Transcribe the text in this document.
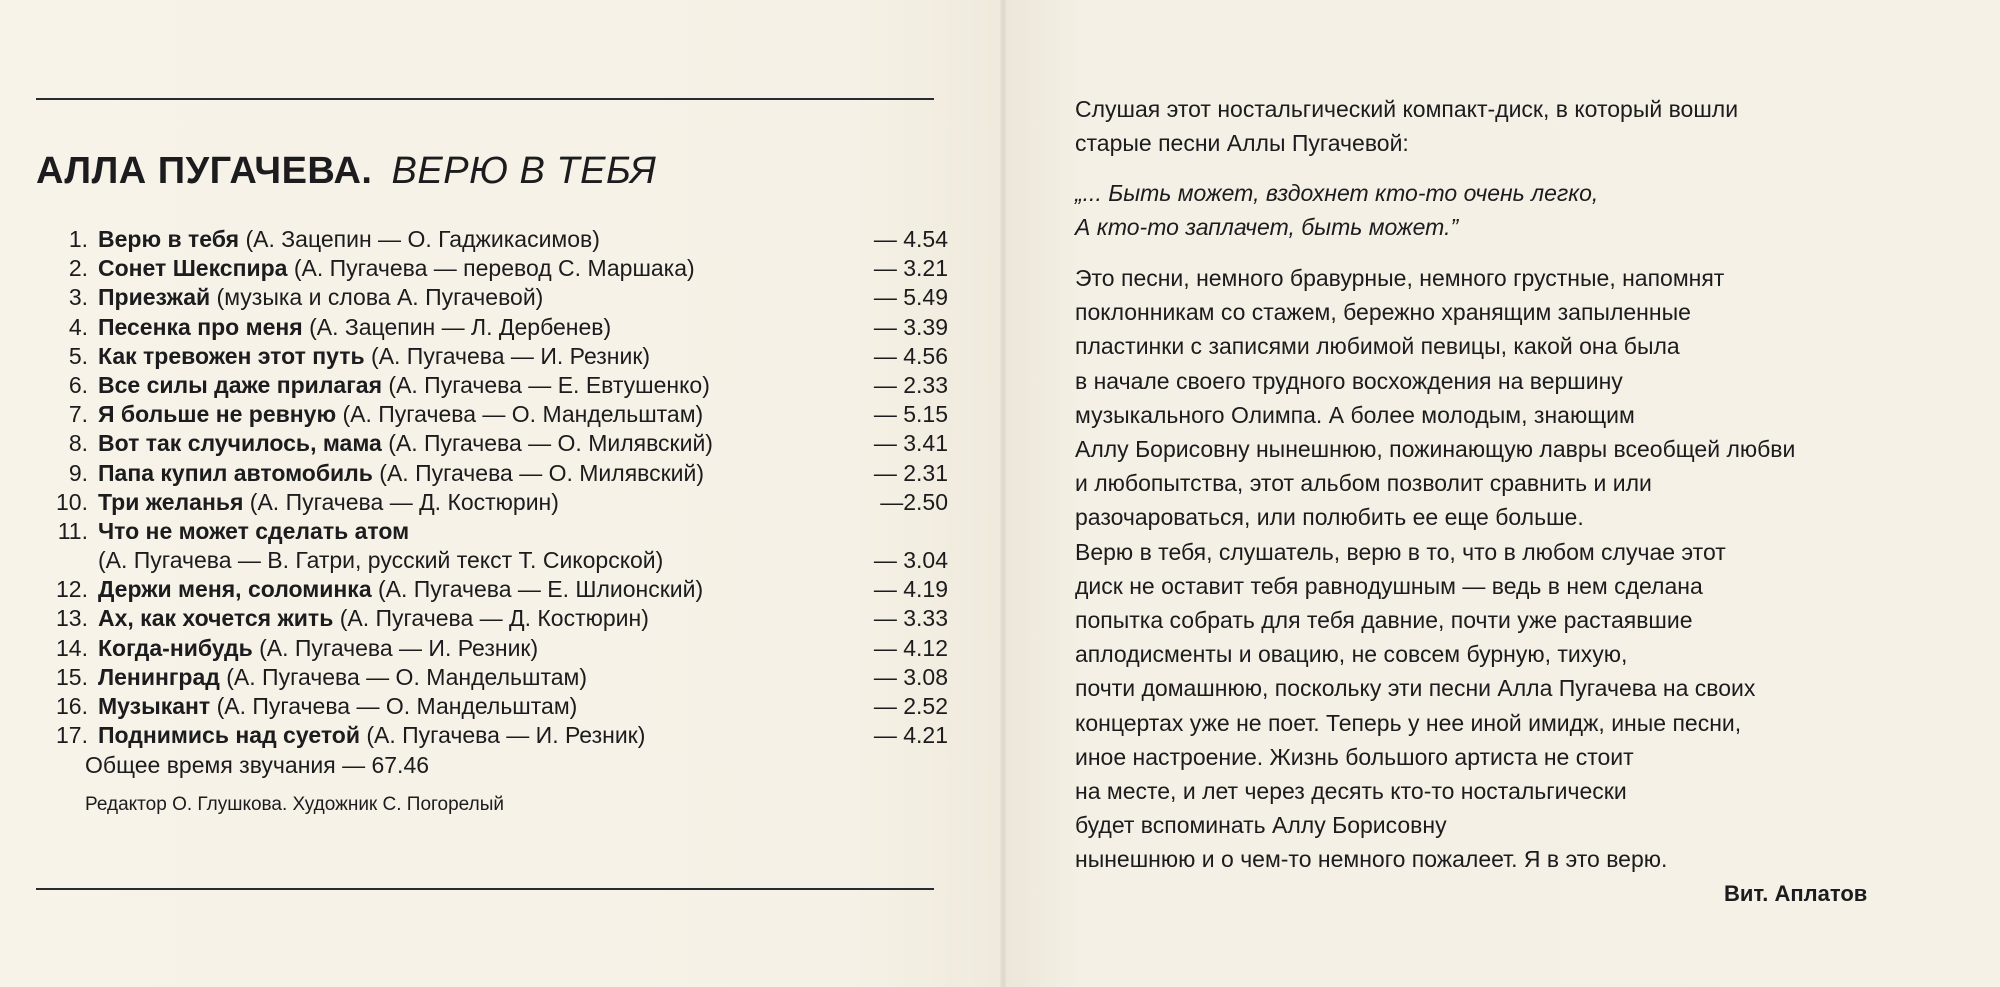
АЛЛА ПУГАЧЕВА. ВЕРЮ В ТЕБЯ
1. Верю в тебя (А. Зацепин — О. Гаджикасимов)	— 4.54
2. Сонет Шекспира (А. Пугачева — перевод С. Маршака)	— 3.21
3. Приезжай (музыка и слова А. Пугачевой)	— 5.49
4. Песенка про меня (А. Зацепин — Л. Дербенев)	— 3.39
5. Как тревожен этот путь (А. Пугачева — И. Резник)	— 4.56
6. Все силы даже прилагая (А. Пугачева — Е. Евтушенко)	— 2.33
7. Я больше не ревную (А. Пугачева — О. Мандельштам)	— 5.15
8. Вот так случилось, мама (А. Пугачева — О. Милявский)	— 3.41
9. Папа купил автомобиль (А. Пугачева — О. Милявский)	— 2.31
10. Три желанья (А. Пугачева — Д. Костюрин)	—2.50
11. Что не может сделать атом
(А. Пугачева — В. Гатри, русский текст Т. Сикорской)	— 3.04
12. Держи меня, соломинка (А. Пугачева — Е. Шлионский)	— 4.19
13. Ах, как хочется жить (А. Пугачева — Д. Костюрин)	— 3.33
14. Когда-нибудь (А. Пугачева — И. Резник)	— 4.12
15. Ленинград (А. Пугачева — О. Мандельштам)	— 3.08
16. Музыкант (А. Пугачева — О. Мандельштам)	— 2.52
17. Поднимись над суетой (А. Пугачева — И. Резник)	— 4.21
Общее время звучания — 67.46
Редактор О. Глушкова. Художник С. Погорелый
Слушая этот ностальгический компакт-диск, в который вошли
старые песни Аллы Пугачевой:
„... Быть может, вздохнет кто-то очень легко,
А кто-то заплачет, быть может.”
Это песни, немного бравурные, немного грустные, напомнят
поклонникам со стажем, бережно хранящим запыленные
пластинки с записями любимой певицы, какой она была
в начале своего трудного восхождения на вершину
музыкального Олимпа. А более молодым, знающим
Аллу Борисовну нынешнюю, пожинающую лавры всеобщей любви
и любопытства, этот альбом позволит сравнить и или
разочароваться, или полюбить ее еще больше.
Верю в тебя, слушатель, верю в то, что в любом случае этот
диск не оставит тебя равнодушным — ведь в нем сделана
попытка собрать для тебя давние, почти уже растаявшие
аплодисменты и овацию, не совсем бурную, тихую,
почти домашнюю, поскольку эти песни Алла Пугачева на своих
концертах уже не поет. Теперь у нее иной имидж, иные песни,
иное настроение. Жизнь большого артиста не стоит
на месте, и лет через десять кто-то ностальгически
будет вспоминать Аллу Борисовну
нынешнюю и о чем-то немного пожалеет. Я в это верю.
Вит. Аплатов
